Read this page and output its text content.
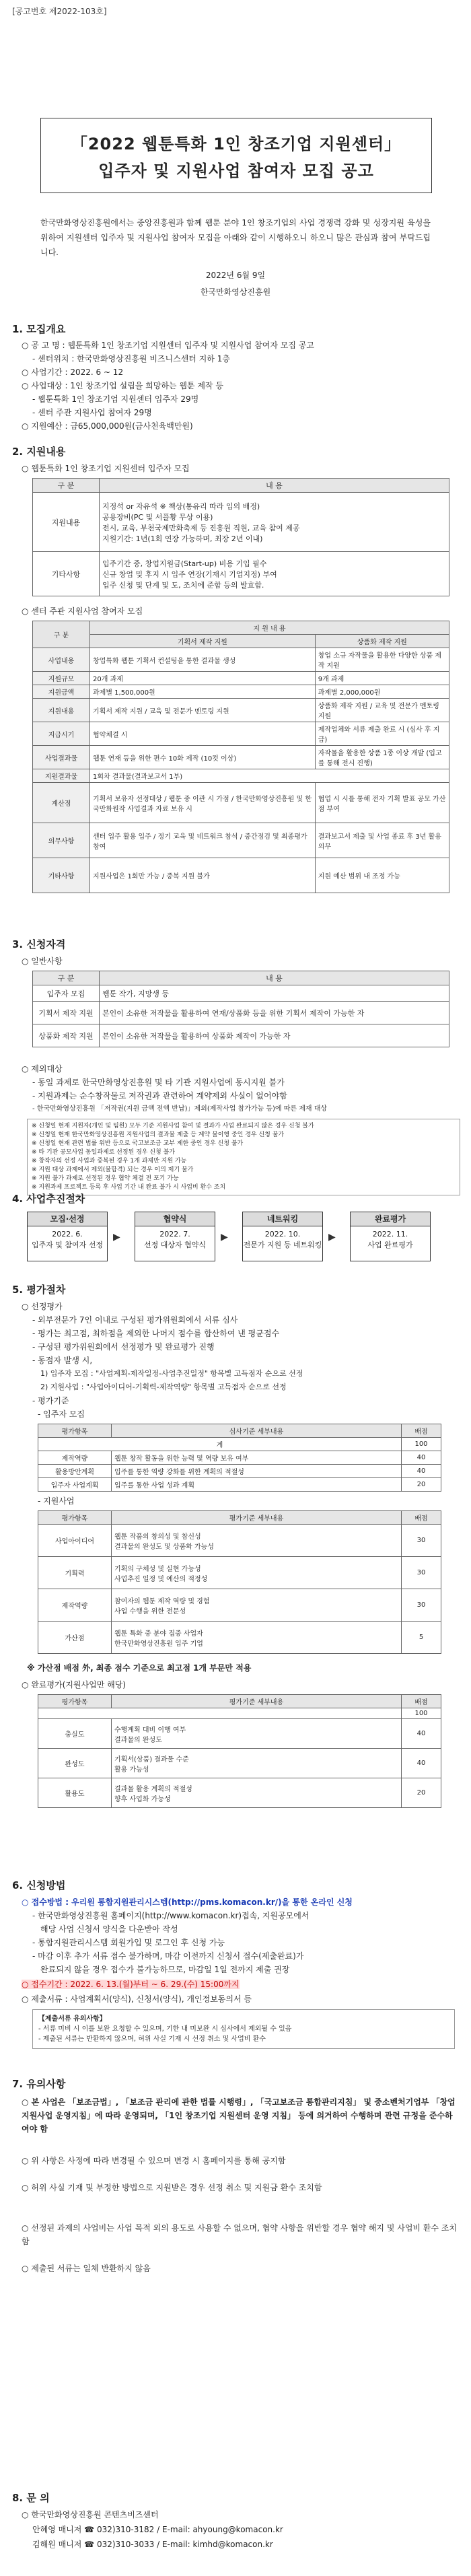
[공고번호 제2022-103호]
「2022 웹툰특화 1인 창조기업 지원센터」
입주자 및 지원사업 참여자 모집 공고
한국만화영상진흥원에서는 중앙진흥원과 함께 웹툰 분야 1인 창조기업의 사업 경쟁력 강화 및 성장지원 육성을 위하여 지원센터 입주자 및 지원사업 참여자 모집을 아래와 같이 시행하오니 하오니 많은 관심과 참여 부탁드립니다.
2022년 6월 9일
한국만화영상진흥원
1. 모집개요
○ 공 고 명 : 웹툰특화 1인 창조기업 지원센터 입주자 및 지원사업 참여자 모집 공고
- 센터위치 : 한국만화영상진흥원 비즈니스센터 지하 1층
○ 사업기간 : 2022. 6 ~ 12
○ 사업대상 : 1인 창조기업 설립을 희망하는 웹툰 제작 등
- 웹툰특화 1인 창조기업 지원센터 입주자 29명
- 센터 주관 지원사업 참여자 29명
○ 지원예산 : 금65,000,000원(금사천육백만원)
2. 지원내용
○ 웹툰특화 1인 창조기업 지원센터 입주자 모집
구 분	내 용
지원내용	지정석 or 자유석 ※ 책상(통유리 따라 입의 배정)
공용장비(PC 및 서플황 무상 이용)
전시, 교육, 부천국제만화축제 등 진흥원 직원, 교육 참여 제공
지원기간: 1년(1회 연장 가능하며, 최장 2년 이내)

기타사항	입주기간 중, 창업지원금(Start-up) 비용 기입 필수
신규 창업 및 후지 시 입주 연장(기재시 기업지정) 부여
입주 신청 및 단계 및 도, 조치에 준함 등의 발효함.
○ 센터 주관 지원사업 참여자 모집
구 분	지 원 내 용	
	기획서 제작 지원	상품화 제작 지원
사업내용	창업특화 웹툰 기획서 컨설팅을 통한 결과물 생성	창업 소규 자작물을 활용한 다양한 상품 제작 지원
지원규모	20개 과제	9개 과제
지원금액	과제별 1,500,000원	과제별 2,000,000원
지원내용	기획서 제작 지원 / 교육 및 전문가 멘토링 지원	상품화 제작 지원 / 교육 및 전문가 멘토링 지원
지급시기	협약체결 시	제작업체와 서류 제출 완료 시 (심사 후 지급)
사업결과물	웹툰 연재 등을 위한 편수 10화 제작 (10컷 이상)	자작물을 활용한 상품 1종 이상 개발 (입고를 통해 전시 진행)
지원결과물	1회차 결과물(결과보고서 1부)	
계산점	기획서 보유자 선정대상 / 웹툰 중 이관 시 가점 / 한국만화영상진흥원 및 한국만화원작 사업결과 자료 보유 시	협업 시 시를 통해 전자 기획 발표 공모 가산점 부여
의무사항	센터 입주 활용 입주 / 정기 교육 및 네트워크 참석 / 중간점검 및 최종평가 참여	결과보고서 제출 및 사업 종료 후 3년 활용 의무
기타사항	지원사업은 1회만 가능 / 중복 지원 불가	지원 예산 범위 내 조정 가능
3. 신청자격
○ 일반사항
구 분	내 용
입주자 모집	웹툰 작가, 지망생 등
기획서 제작 지원	본인이 소유한 저작물을 활용하여 연재/상품화 등을 위한 기획서 제작이 가능한 자
상품화 제작 지원	본인이 소유한 저작물을 활용하여 상품화 제작이 가능한 자
○ 제외대상
- 동일 과제로 한국만화영상진흥원 및 타 기관 지원사업에 동시지원 불가
- 지원과제는 순수창작물로 저작권과 관련하여 계약제외 사실이 없어야함
- 한국만화영상진흥원 「저작권(지원 금액 전액 반납)」제외(제작사업 참가가능 등)에 따른 제재 대상
※ 신청일 현재 지원자(개인 및 팀원) 모두 기준 지원사업 참여 및 결과가 사업 완료되지 않은 경우 신청 불가
※ 신청일 현재 한국만화영상진흥원 지원사업의 결과물 제출 등 계약 불이행 중인 경우 신청 불가
※ 신청일 현재 관련 법률 위반 등으로 국고보조금 교부 제한 중인 경우 신청 불가
※ 타 기관 공모사업 동일과제로 선정된 경우 신청 불가
※ 창작자의 선정 사업과 중복된 경우 1개 과제만 지원 가능
※ 지원 대상 과제에서 제외(불합격) 되는 경우 이의 제기 불가
※ 지원 불가 과제로 선정된 경우 협약 체결 전 포기 가능
※ 지원과제 프로젝트 등록 후 사업 기간 내 완료 불가 시 사업비 환수 조치
4. 사업추진절차
모집·선정
2022. 6.
입주자 및 참여자 선정
▶
협약식
2022. 7.
선정 대상자 협약식
▶
네트워킹
2022. 10.
전문가 지원 등 네트워킹
▶
완료평가
2022. 11.
사업 완료평가
5. 평가절차
○ 선정평가
- 외부전문가 7인 이내로 구성된 평가위원회에서 서류 심사
- 평가는 최고점, 최하점을 제외한 나머지 점수를 합산하여 낸 평균점수
- 구성된 평가위원회에서 선정평가 및 완료평가 진행
- 동점자 발생 시,
1) 입주자 모집 : "사업계획-제작일정-사업추진일정" 항목별 고득점자 순으로 선정
2) 지원사업 : "사업아이디어-기획력-제작역량" 항목별 고득점자 순으로 선정
- 평가기준
- 입주자 모집
평가항목	심사기준 세부내용	배점
계		100
제작역량	웹툰 창작 활동을 위한 능력 및 역량 보유 여부	40
활용방안계획	입주를 통한 역량 강화를 위한 계획의 적절성	40
입주자 사업계획	입주를 통한 사업 성과 계획	20
- 지원사업
평가항목	평가기준 세부내용	배점
사업아이디어	웹툰 작품의 창의성 및 참신성
결과물의 완성도 및 상품화 가능성	30
기획력	기획의 구체성 및 실현 가능성
사업추진 일정 및 예산의 적정성	30
제작역량	참여자의 웹툰 제작 역량 및 경험
사업 수행을 위한 전문성	30
가산점	웹툰 특화 중 분야 집중 사업자
한국만화영상진흥원 입주 기업	5
※ 가산점 배점 外, 최종 점수 기준으로 최고점 1개 부문만 적용
○ 완료평가(지원사업만 해당)
평가항목	평가기준 세부내용	배점
		100
충실도	수행계획 대비 이행 여부
결과물의 완성도	40
완성도	기획서(상품) 결과물 수준
활용 가능성	40
활용도	결과물 활용 계획의 적절성
향후 사업화 가능성	20
6. 신청방법
○ 접수방법 : 우리원 통합지원관리시스템(http://pms.komacon.kr/)을 통한 온라인 신청
- 한국만화영상진흥원 홈페이지(http://www.komacon.kr)접속, 지원공모에서
해당 사업 신청서 양식을 다운받아 작성
- 통합지원관리시스템 회원가입 및 로그인 후 신청 가능
- 마감 이후 추가 서류 접수 불가하며, 마감 이전까지 신청서 접수(제출완료)가
완료되지 않을 경우 접수가 불가능하므로, 마감일 1일 전까지 제출 권장
○ 접수기간 : 2022. 6. 13.(월)부터 ~ 6. 29.(수) 15:00까지
○ 제출서류 : 사업계획서(양식), 신청서(양식), 개인정보동의서 등
【제출서류 유의사항】
- 서류 미비 시 이를 보완 요청할 수 있으며, 기한 내 미보완 시 심사에서 제외될 수 있음
- 제출된 서류는 반환하지 않으며, 허위 사실 기재 시 선정 취소 및 사업비 환수
7. 유의사항
○ 본 사업은 「보조금법」, 「보조금 관리에 관한 법률 시행령」, 「국고보조금 통합관리지침」 및 중소벤처기업부 「창업지원사업 운영지침」에 따라 운영되며, 「1인 창조기업 지원센터 운영 지침」 등에 의거하여 수행하며 관련 규정을 준수하여야 함
○ 위 사항은 사정에 따라 변경될 수 있으며 변경 시 홈페이지를 통해 공지함
○ 허위 사실 기재 및 부정한 방법으로 지원받은 경우 선정 취소 및 지원금 환수 조치함
○ 선정된 과제의 사업비는 사업 목적 외의 용도로 사용할 수 없으며, 협약 사항을 위반할 경우 협약 해지 및 사업비 환수 조치함
○ 제출된 서류는 일체 반환하지 않음
8. 문 의
○ 한국만화영상진흥원 콘텐츠비즈센터
안혜영 매니저 ☎ 032)310-3182 / E-mail: ahyoung@komacon.kr
김해원 매니저 ☎ 032)310-3033 / E-mail: kimhd@komacon.kr
